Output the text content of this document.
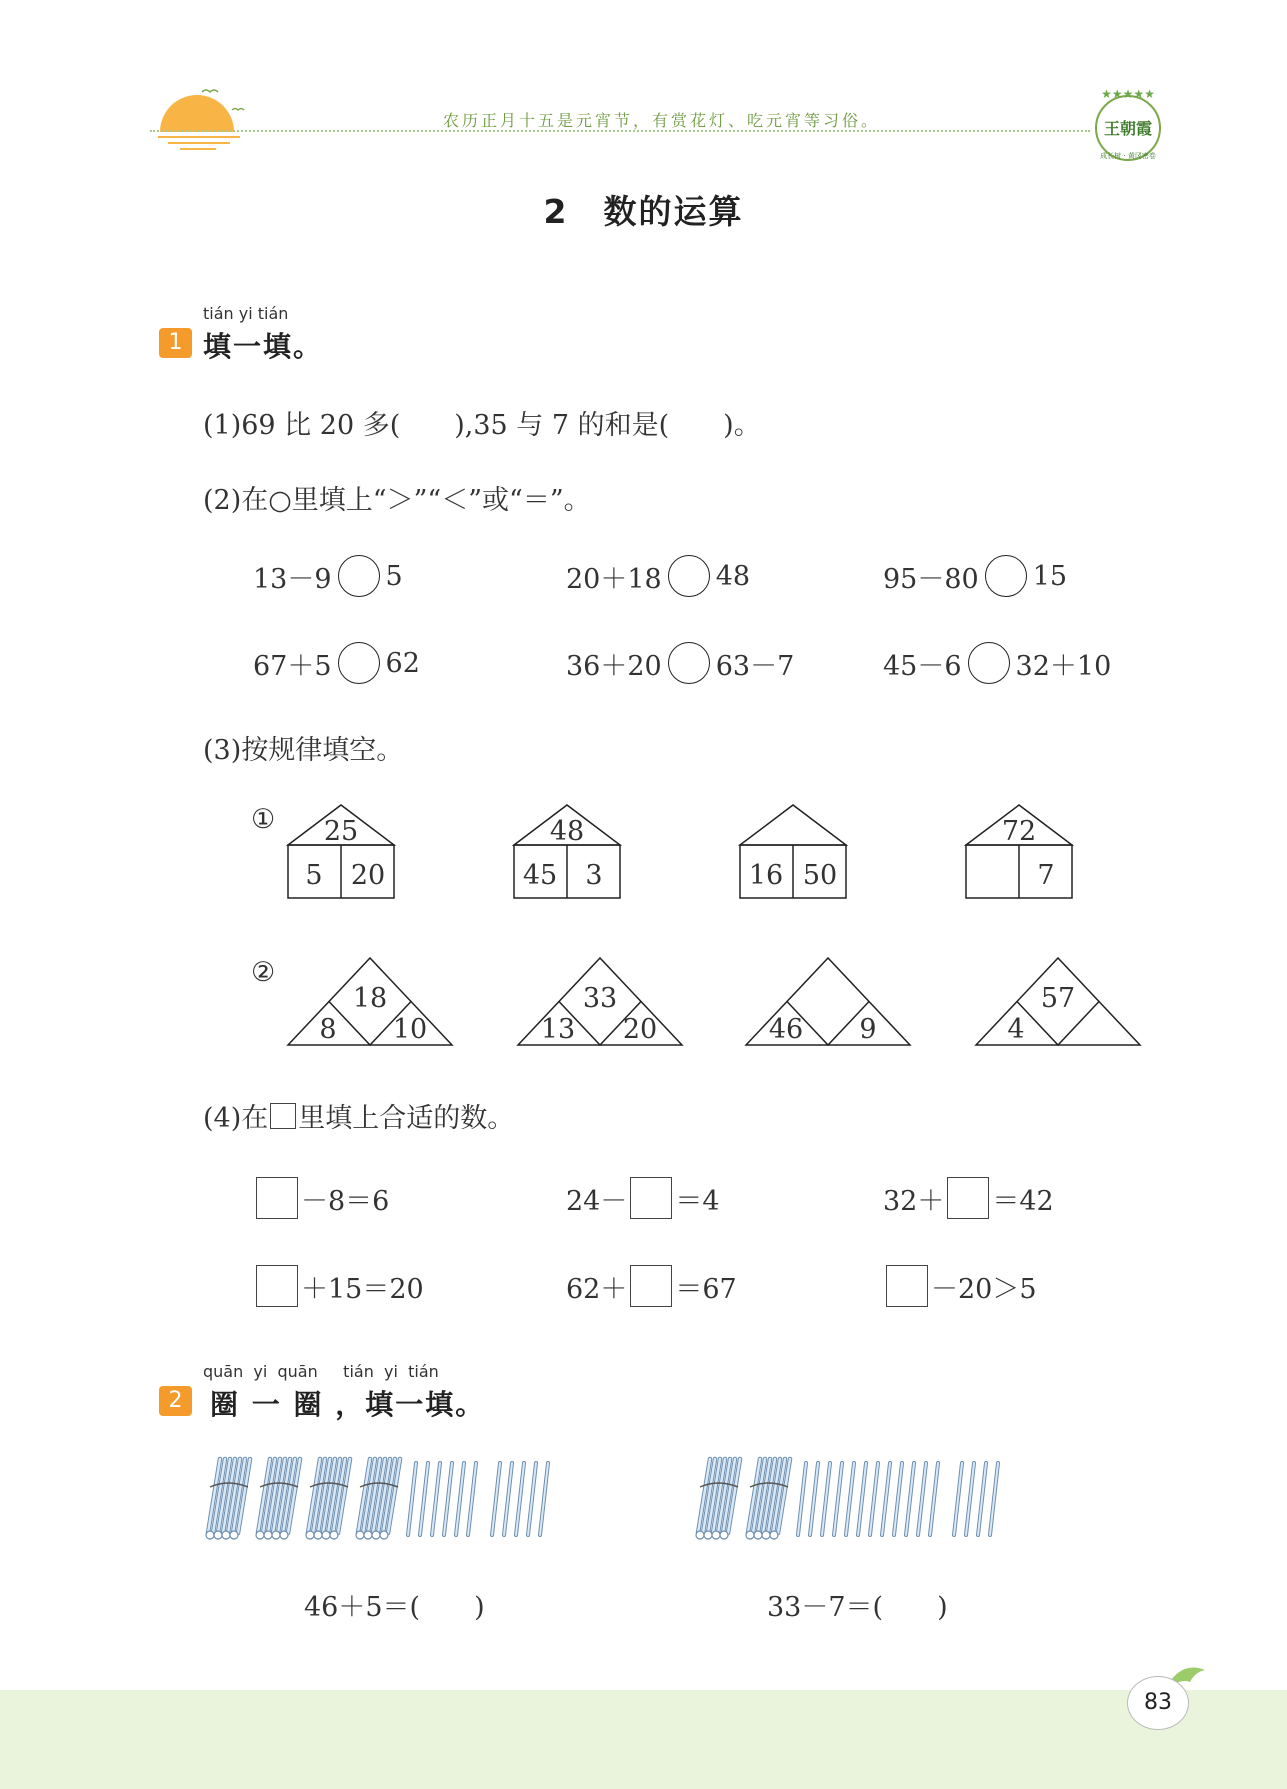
农历正月十五是元宵节，有赏花灯、吃元宵等习俗。
★★★★★
王朝霞
成长树 · 黄冈密卷
2　数的运算
tián yi tián
1 填一填。
(1)69 比 20 多(　　),35 与 7 的和是(　　)。
(2)在○里填上“＞”“＜”或“＝”。
13－9 5	20＋18 48	95－80 15
67＋5 62	36＋20 63－7	45－6 32＋10
(3)按规律填空。
① 25
5 20
48
45 3	16 50
72
7
②
18
8 10
33
13 20	46 9
57
4
(4)在 里填上合适的数。
－8＝6	24－ ＝4	32＋ ＝42
＋15＝20	62＋ ＝67	－20＞5
quān  yi  quān     tián  yi  tián
2 圈 一 圈 ，填一填。
46＋5＝(　　)	33－7＝(　　)
83
